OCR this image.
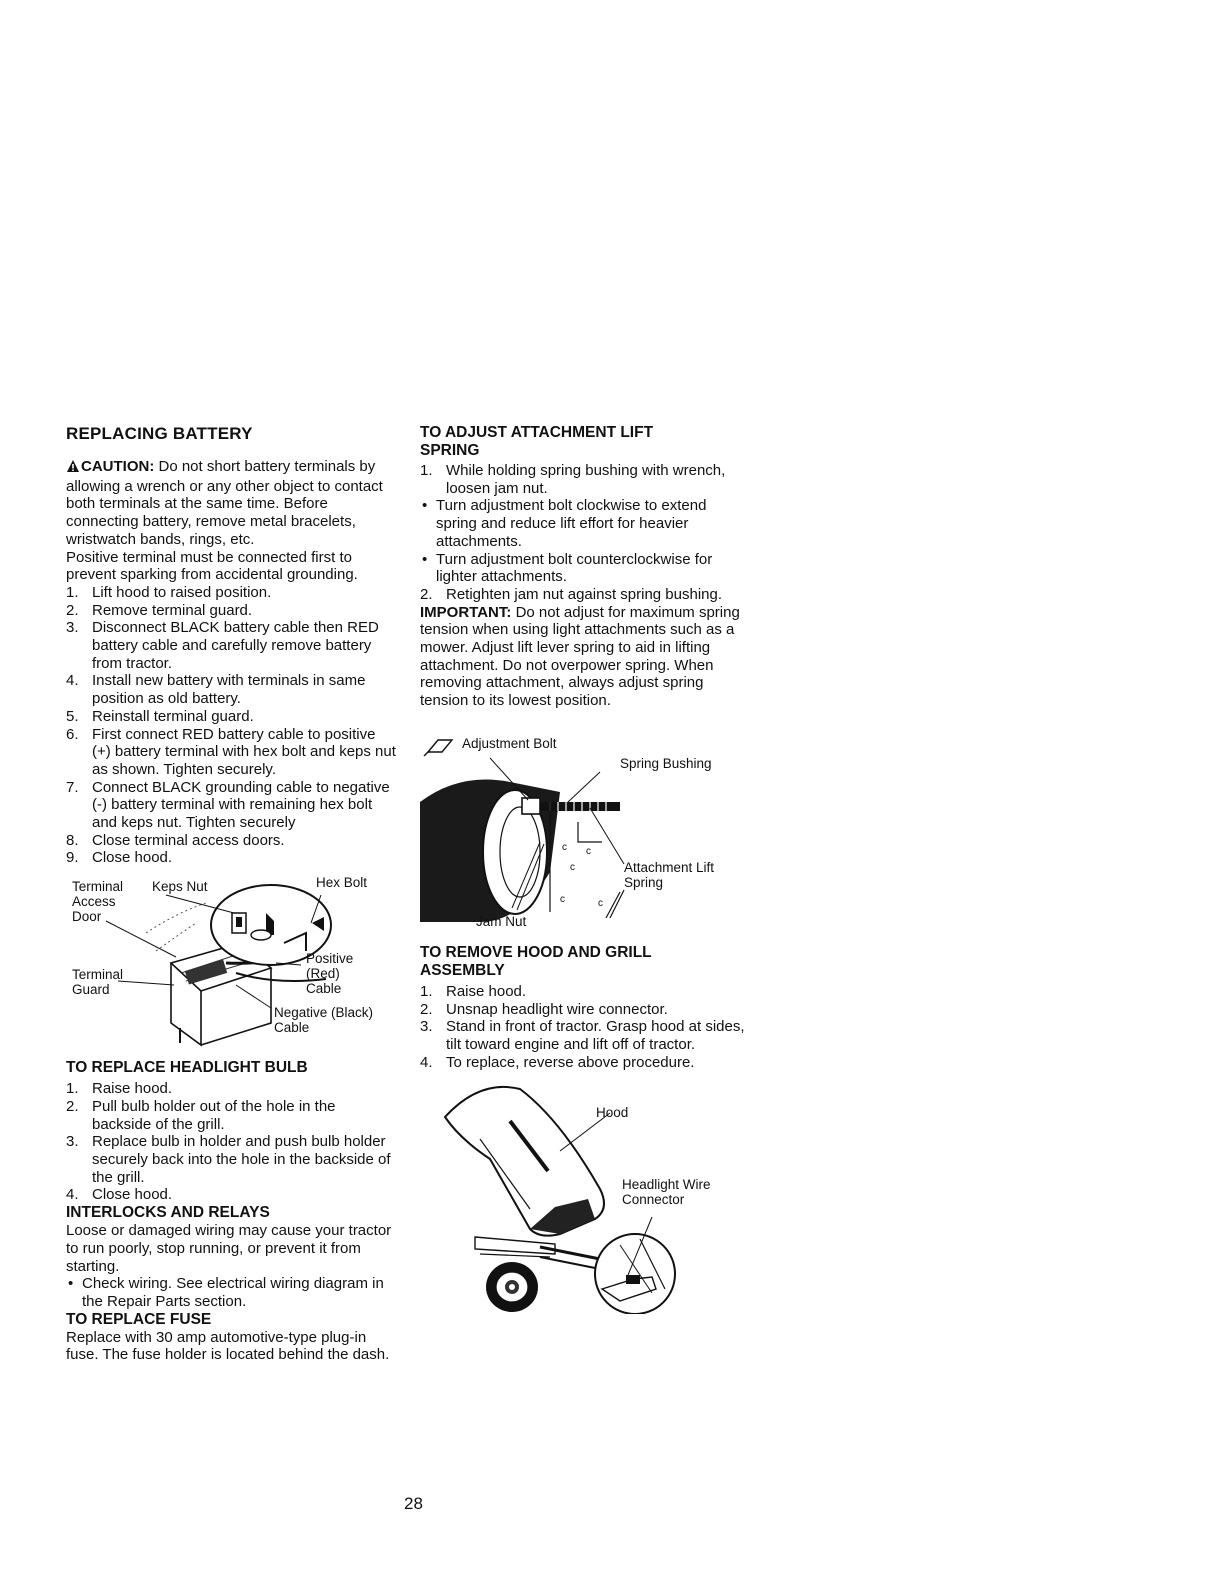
REPLACING BATTERY

CAUTION: Do not short battery terminals by allowing a wrench or any other object to contact both terminals at the same time. Before connecting battery, remove metal bracelets, wristwatch bands, rings, etc.

Positive terminal must be connected first to prevent sparking from accidental grounding.

1. Lift hood to raised position.
2. Remove terminal guard.
3. Disconnect BLACK battery cable then RED battery cable and carefully remove battery from tractor.
4. Install new battery with terminals in same position as old battery.
5. Reinstall terminal guard.
6. First connect RED battery cable to positive (+) battery terminal with hex bolt and keps nut as shown. Tighten securely.
7. Connect BLACK grounding cable to negative (-) battery terminal with remaining hex bolt and keps nut. Tighten securely
8. Close terminal access doors.
9. Close hood.
Terminal
Access
Door
Keps Nut	Hex Bolt
Terminal
Guard
Positive
(Red)
Cable
Negative (Black)
Cable
TO REPLACE HEADLIGHT BULB
1. Raise hood.
2. Pull bulb holder out of the hole in the backside of the grill.
3. Replace bulb in holder and push bulb holder securely back into the hole in the backside of the grill.
4. Close hood.
INTERLOCKS AND RELAYS

Loose or damaged wiring may cause your tractor to run poorly, stop running, or prevent it from starting.

• Check wiring. See electrical wiring diagram in the Repair Parts section.
TO REPLACE FUSE

Replace with 30 amp automotive-type plug-in fuse. The fuse holder is located behind the dash.

TO ADJUST ATTACHMENT LIFT
SPRING
1. While holding spring bushing with wrench, loosen jam nut.
• Turn adjustment bolt clockwise to extend spring and reduce lift effort for heavier attachments.
• Turn adjustment bolt counterclockwise for lighter attachments.
2. Retighten jam nut against spring bushing.

IMPORTANT: Do not adjust for maximum spring tension when using light attachments such as a mower. Adjust lift lever spring to aid in lifting attachment. Do not overpower spring. When removing attachment, always adjust spring tension to its lowest position.

c c
c
c	c
Adjustment Bolt
Spring Bushing
Attachment Lift
Spring
Jam Nut
TO REMOVE HOOD AND GRILL
ASSEMBLY
1. Raise hood.
2. Unsnap headlight wire connector.
3. Stand in front of tractor. Grasp hood at sides, tilt toward engine and lift off of tractor.
4. To replace, reverse above procedure.
Hood
Headlight Wire
Connector
28
